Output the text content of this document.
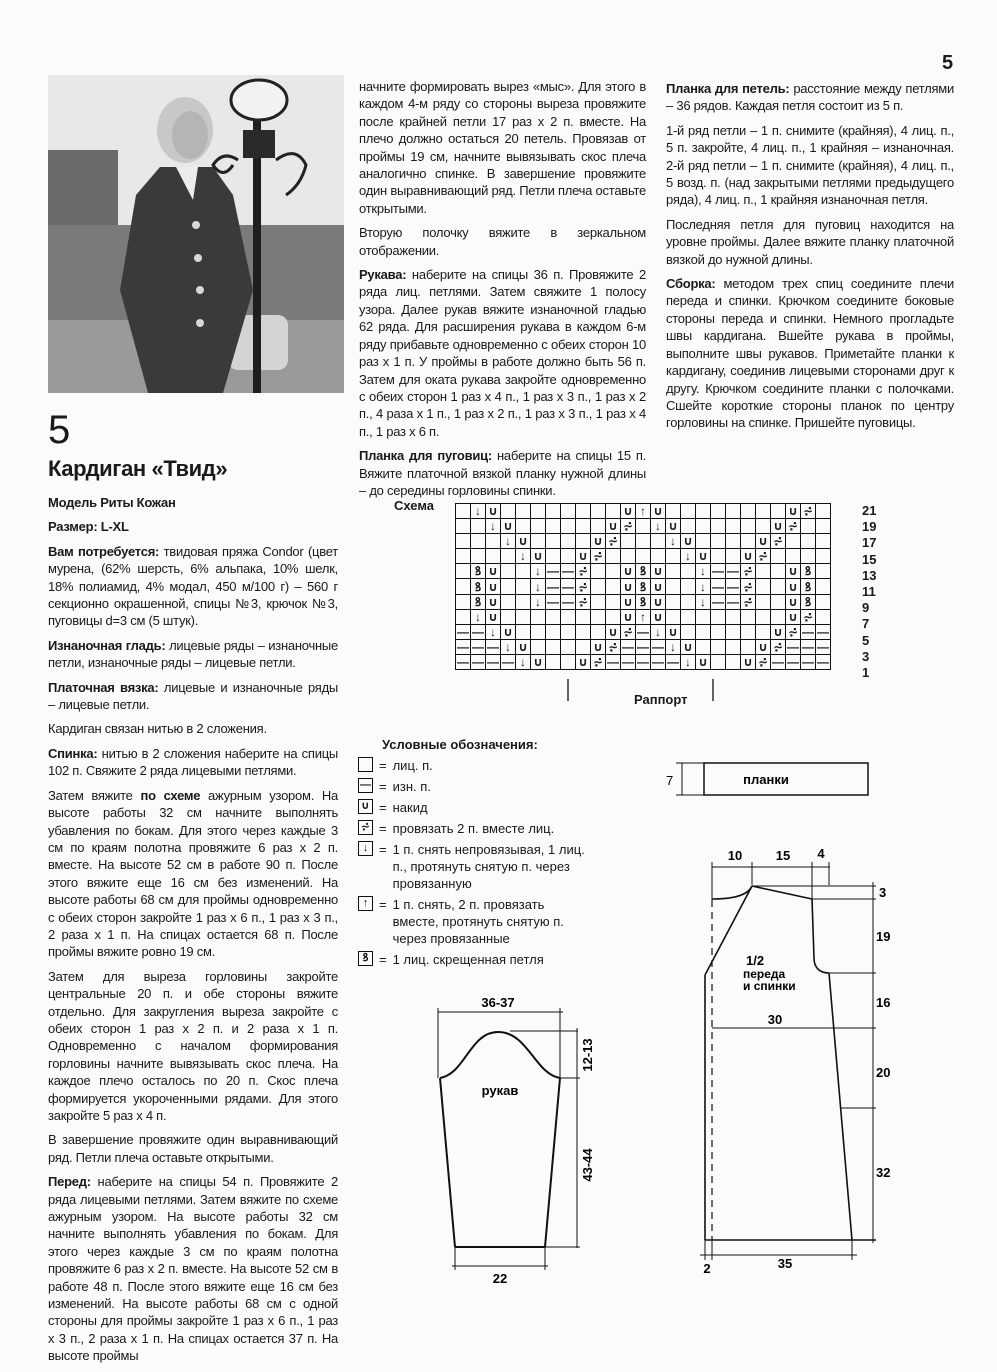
5
5
Кардиган «Твид»

Модель Риты Кожан

Размер: L-XL

Вам потребуется: твидовая пряжа Condor (цвет мурена, (62% шерсть, 6% альпака, 10% шелк, 18% полиамид, 4% модал, 450 м/100 г) – 560 г секционно окрашенной, спицы №3, крючок №3, пуговицы d=3 см (5 штук).

Изнаночная гладь: лицевые ряды – изнаночные петли, изнаночные ряды – лицевые петли.

Платочная вязка: лицевые и изнаночные ряды – лицевые петли.

Кардиган связан нитью в 2 сложения.

Спинка: нитью в 2 сложения наберите на спицы 102 п. Свяжите 2 ряда лицевыми петлями.

Затем вяжите по схеме ажурным узором. На высоте работы 32 см начните выполнять убавления по бокам. Для этого через каждые 3 см по краям полотна провяжите 6 раз х 2 п. вместе. На высоте 52 см в работе 90 п. После этого вяжите еще 16 см без изменений. На высоте работы 68 см для проймы одновременно с обеих сторон закройте 1 раз х 6 п., 1 раз х 3 п., 2 раза х 1 п. На спицах остается 68 п. После проймы вяжите ровно 19 см.

Затем для выреза горловины закройте центральные 20 п. и обе стороны вяжите отдельно. Для закругления выреза закройте с обеих сторон 1 раз х 2 п. и 2 раза х 1 п. Одновременно с началом формирования горловины начните вывязывать скос плеча. На каждое плечо осталось по 20 п. Скос плеча формируется укороченными рядами. Для этого закройте 5 раз х 4 п.

В завершение провяжите один выравнивающий ряд. Петли плеча оставьте открытыми.

Перед: наберите на спицы 54 п. Провяжите 2 ряда лицевыми петлями. Затем вяжите по схеме ажурным узором. На высоте работы 32 см начните выполнять убавления по бокам. Для этого через каждые 3 см по краям полотна провяжите 6 раз х 2 п. вместе. На высоте 52 см в работе 48 п. После этого вяжите еще 16 см без изменений. На высоте работы 68 см с одной стороны для проймы закройте 1 раз х 6 п., 1 раз х 3 п., 2 раза х 1 п. На спицах остается 37 п. На высоте проймы

начните формировать вырез «мыс». Для этого в каждом 4-м ряду со стороны выреза провяжите после крайней петли 17 раз х 2 п. вместе. На плечо должно остаться 20 петель. Провязав от проймы 19 см, начните вывязывать скос плеча аналогично спинке. В завершение провяжите один выравнивающий ряд. Петли плеча оставьте открытыми.

Вторую полочку вяжите в зеркальном отображении.

Рукава: наберите на спицы 36 п. Провяжите 2 ряда лиц. петлями. Затем свяжите 1 полосу узора. Далее рукав вяжите изнаночной гладью 62 ряда. Для расширения рукава в каждом 6-м ряду прибавьте одновременно с обеих сторон 10 раз х 1 п. У проймы в работе должно быть 56 п. Затем для оката рукава закройте одновременно с обеих сторон 1 раз х 4 п., 1 раз х 3 п., 1 раз х 2 п., 4 раза х 1 п., 1 раз х 2 п., 1 раз х 3 п., 1 раз х 4 п., 1 раз х 6 п.

Планка для пуговиц: наберите на спицы 15 п. Вяжите платочной вязкой планку нужной длины – до середины горловины спинки.

Планка для петель: расстояние между петлями – 36 рядов. Каждая петля состоит из 5 п.

1-й ряд петли – 1 п. снимите (крайняя), 4 лиц. п., 5 п. закройте, 4 лиц. п., 1 крайняя – изнаночная. 2-й ряд петли – 1 п. снимите (крайняя), 4 лиц. п., 5 возд. п. (над закрытыми петлями предыдущего ряда), 4 лиц. п., 1 крайняя изнаночная петля.

Последняя петля для пуговиц находится на уровне проймы. Далее вяжите планку платочной вязкой до нужной длины.

Сборка: методом трех спиц соедините плечи переда и спинки. Крючком соедините боковые стороны переда и спинки. Немного прогладьте швы кардигана. Вшейте рукава в проймы, выполните швы рукавов. Приметайте планки к кардигану, соединив лицевыми сторонами друг к другу. Крючком соедините планки с полочками. Сшейте короткие стороны планок по центру горловины на спинке. Пришейте пуговицы.

Схема
		↓	∪									∪	↑	∪									∪	⩫	
		↓	∪							∪	⩫		↓	∪							∪	⩫		
			↓	∪					∪	⩫				↓	∪					∪	⩫			
				↓	∪			∪	⩫						↓	∪			∪	⩫				
	ꝸ	∪			↓	—	—	⩫			∪	ꝸ	∪			↓	—	—	⩫			∪	ꝸ	
	ꝸ	∪			↓	—	—	⩫			∪	ꝸ	∪			↓	—	—	⩫			∪	ꝸ	
	ꝸ	∪			↓	—	—	⩫			∪	ꝸ	∪			↓	—	—	⩫			∪	ꝸ	
	↓	∪									∪	↑	∪									∪	⩫	
—	—	↓	∪							∪	⩫	—	↓	∪							∪	⩫	—	—
—	—	—	↓	∪					∪	⩫	—	—	—	↓	∪					∪	⩫	—	—	—
—	—	—	—	↓	∪			∪	⩫	—	—	—	—	—	↓	∪			∪	⩫	—	—	—	—
21
19
17
15
13
11
9
7
5
3
1
Раппорт
Условные обозначения:
= лиц. п.
— = изн. п.
∪ = накид
⩫ = провязать 2 п. вместе лиц.
↓ = 1 п. снять непровязывая, 1 лиц. п., протянуть снятую п. через провязанную
↑ = 1 п. снять, 2 п. провязать вместе, протянуть снятую п. через провязанные
ꝸ = 1 лиц. скрещенная петля
7	планки
36-37
рукав
12-13
43-44
22
10	15 4
3
19
16
30
20
32
2	35
1/2
переда
и спинки
